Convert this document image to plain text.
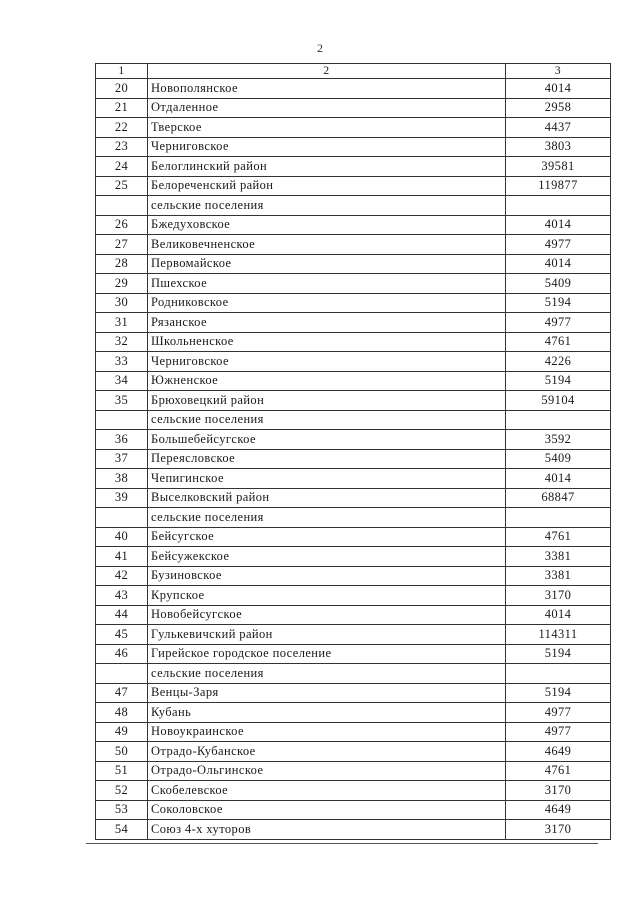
2
1	2	3
20	Новополянское	4014
21	Отдаленное	2958
22	Тверское	4437
23	Черниговское	3803
24	Белоглинский район	39581
25	Белореченский район	119877
	сельские поселения	
26	Бжедуховское	4014
27	Великовечненское	4977
28	Первомайское	4014
29	Пшехское	5409
30	Родниковское	5194
31	Рязанское	4977
32	Школьненское	4761
33	Черниговское	4226
34	Южненское	5194
35	Брюховецкий район	59104
	сельские поселения	
36	Большебейсугское	3592
37	Переясловское	5409
38	Чепигинское	4014
39	Выселковский район	68847
	сельские поселения	
40	Бейсугское	4761
41	Бейсужекское	3381
42	Бузиновское	3381
43	Крупское	3170
44	Новобейсугское	4014
45	Гулькевичский район	114311
46	Гирейское городское поселение	5194
	сельские поселения	
47	Венцы-Заря	5194
48	Кубань	4977
49	Новоукраинское	4977
50	Отрадо-Кубанское	4649
51	Отрадо-Ольгинское	4761
52	Скобелевское	3170
53	Соколовское	4649
54	Союз 4-х хуторов	3170
